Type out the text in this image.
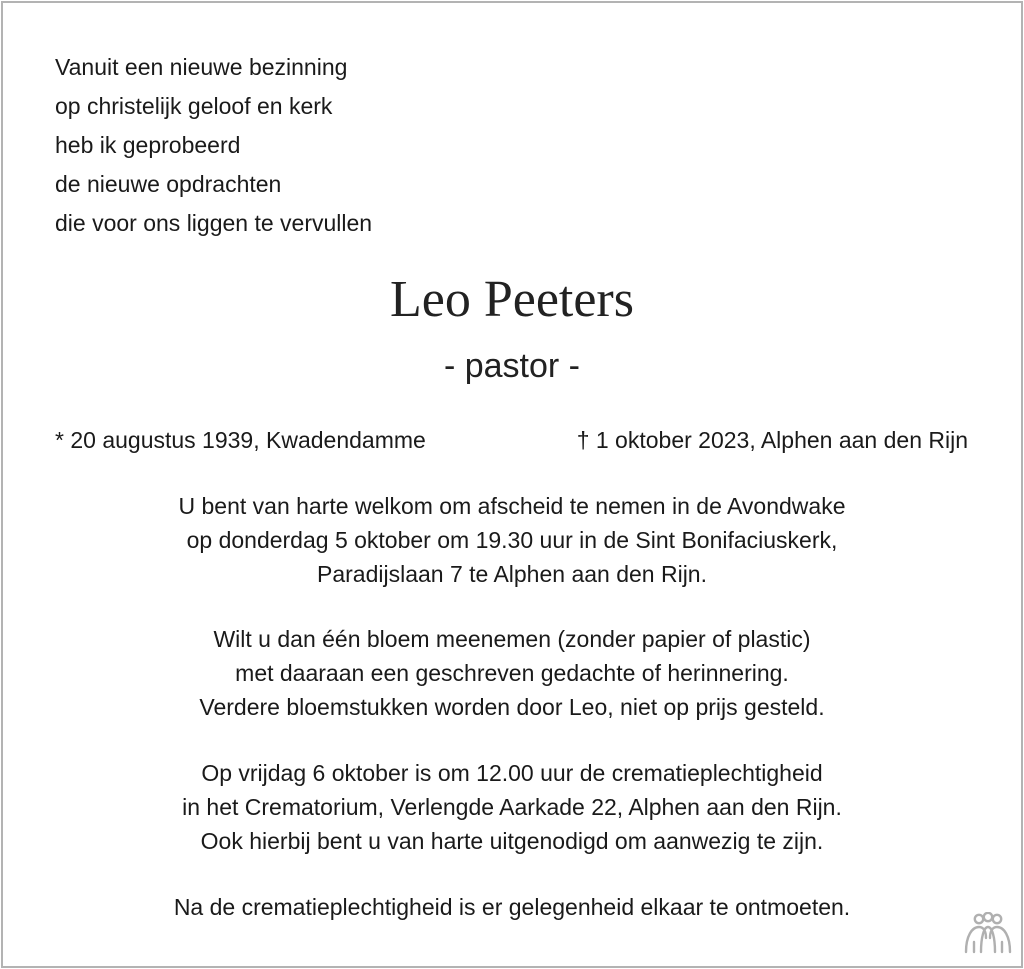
Vanuit een nieuwe bezinning
op christelijk geloof en kerk
heb ik geprobeerd
de nieuwe opdrachten
die voor ons liggen te vervullen
Leo Peeters
- pastor -
* 20 augustus 1939, Kwadendamme	† 1 oktober 2023, Alphen aan den Rijn
U bent van harte welkom om afscheid te nemen in de Avondwake
op donderdag 5 oktober om 19.30 uur in de Sint Bonifaciuskerk,
Paradijslaan 7 te Alphen aan den Rijn.
Wilt u dan één bloem meenemen (zonder papier of plastic)
met daaraan een geschreven gedachte of herinnering.
Verdere bloemstukken worden door Leo, niet op prijs gesteld.
Op vrijdag 6 oktober is om 12.00 uur de crematieplechtigheid
in het Crematorium, Verlengde Aarkade 22, Alphen aan den Rijn.
Ook hierbij bent u van harte uitgenodigd om aanwezig te zijn.
Na de crematieplechtigheid is er gelegenheid elkaar te ontmoeten.
